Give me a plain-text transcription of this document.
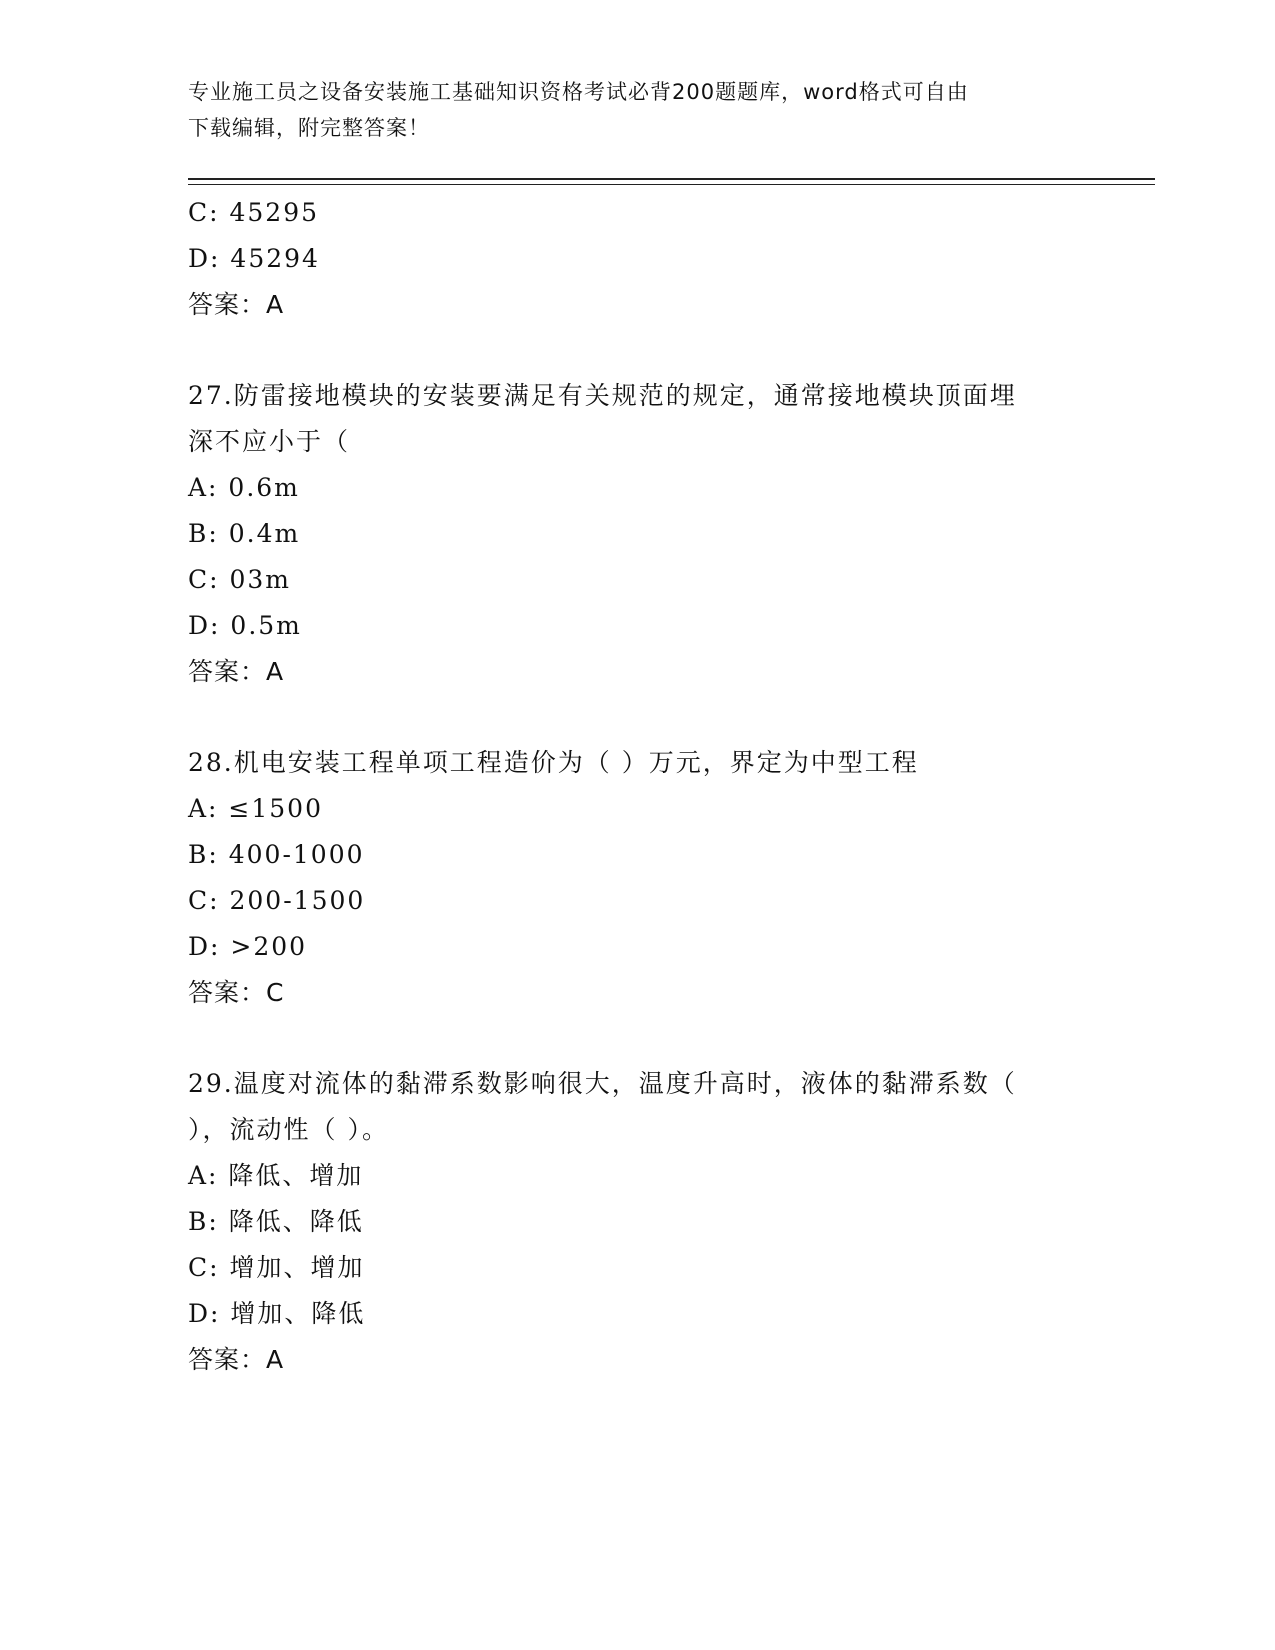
专业施工员之设备安装施工基础知识资格考试必背200题题库，word格式可自由
下载编辑，附完整答案！
C: 45295
D: 45294
答案：A
27.防雷接地模块的安装要满足有关规范的规定，通常接地模块顶面埋
深不应小于（
A: 0.6m
B: 0.4m
C: 03m
D: 0.5m
答案：A
28.机电安装工程单项工程造价为（ ）万元，界定为中型工程
A: ≤1500
B: 400-1000
C: 200-1500
D: >200
答案：C
29.温度对流体的黏滞系数影响很大，温度升高时，液体的黏滞系数（
），流动性（ ）。
A: 降低、增加
B: 降低、降低
C: 增加、增加
D: 增加、降低
答案：A
